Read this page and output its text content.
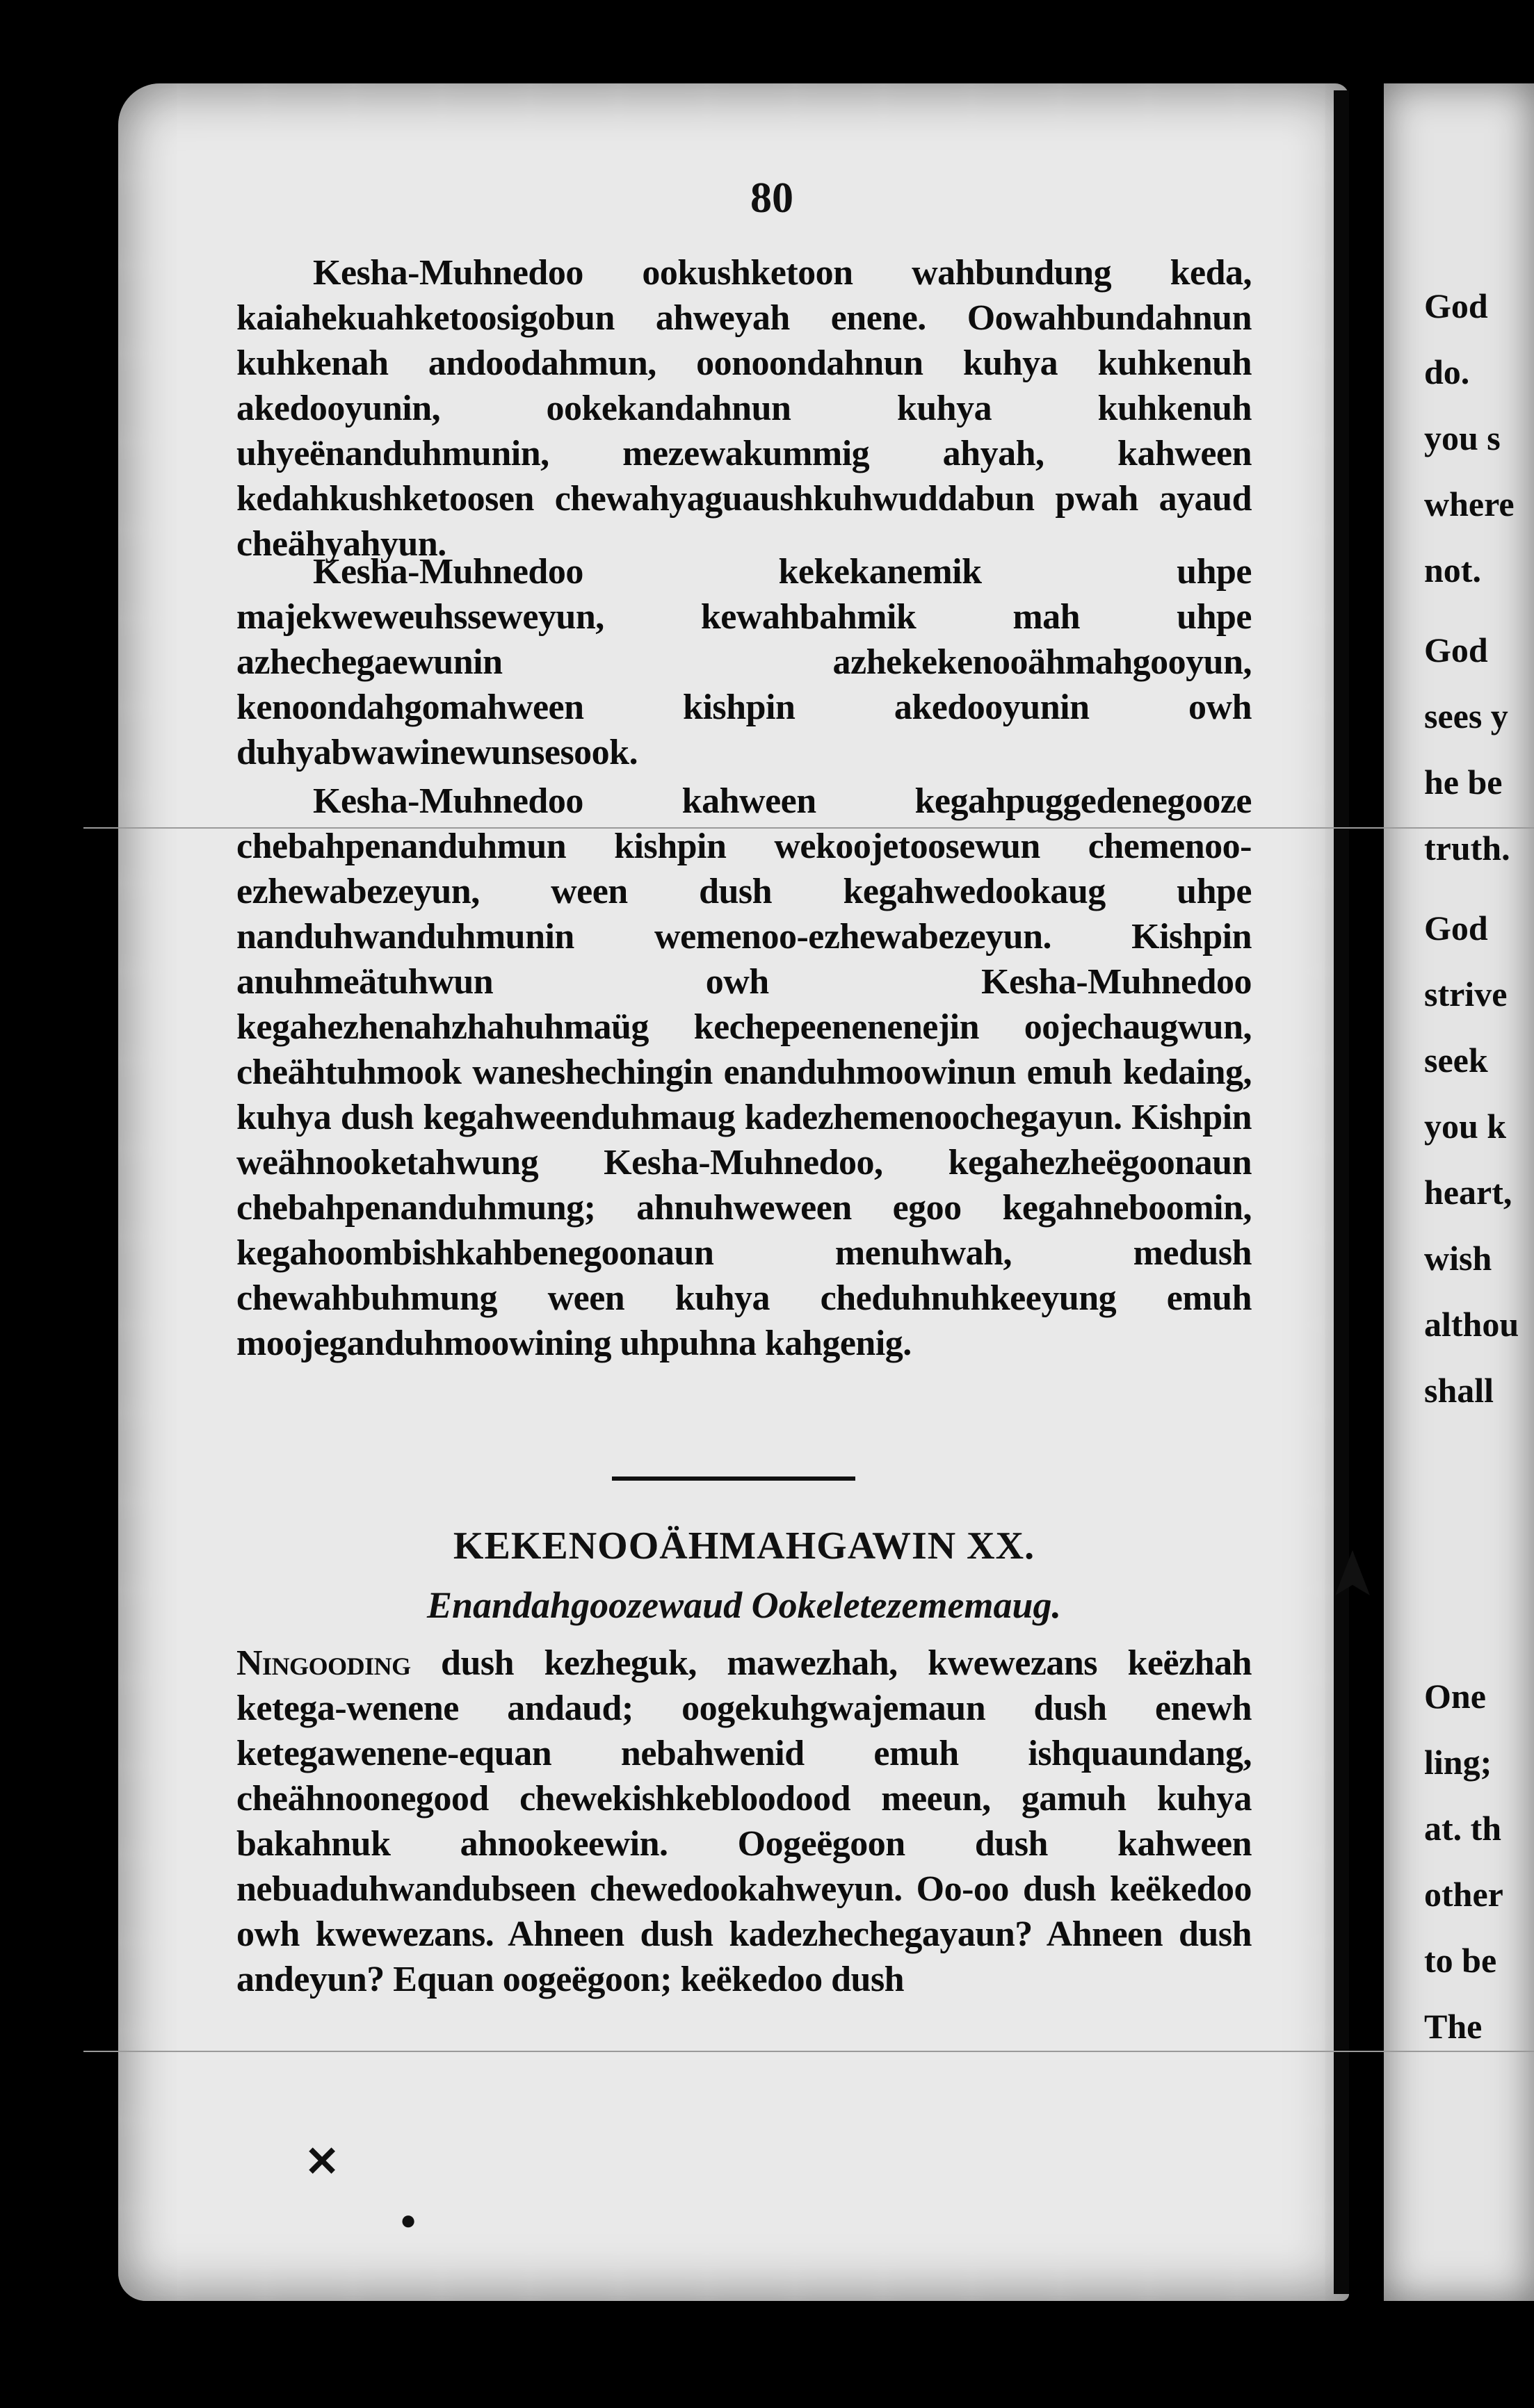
80

Kesha-Muhnedoo ookushketoon wahbundung keda, kaiahekuahketoosigobun ahweyah enene. Oowahbundahnun kuhkenah andoodahmun, oonoondahnun kuhya kuhkenuh akedooyunin, ookekandahnun kuhya kuhkenuh uhyeënanduhmunin, mezewakummig ahyah, kahween kedahkushketoosen chewahyaguaushkuhwuddabun pwah ayaud cheähyahyun.

Kesha-Muhnedoo kekekanemik uhpe majekweweuhsseweyun, kewahbahmik mah uhpe azhechegaewunin azhekekenooähmahgooyun, kenoondahgomahween kishpin akedooyunin owh duhyabwawinewunsesook.

Kesha-Muhnedoo kahween kegahpuggedenegooze chebahpenanduhmun kishpin wekoojetoosewun chemenoo-ezhewabezeyun, ween dush kegahwedookaug uhpe nanduhwanduhmunin wemenoo-ezhewabezeyun. Kishpin anuhmeätuhwun owh Kesha-Muhnedoo kegahezhenahzhahuhmaüg kechepeenenenejin oojechaugwun, cheähtuhmook waneshechingin enanduhmoowinun emuh kedaing, kuhya dush kegahweenduhmaug kadezhemenoochegayun. Kishpin weähnooketahwung Kesha-Muhnedoo, kegahezheëgoonaun chebahpenanduhmung; ahnuhweween egoo kegahneboomin, kegahoombishkahbenegoonaun menuhwah, medush chewahbuhmung ween kuhya cheduhnuhkeeyung emuh moojeganduhmoowining uhpuhna kahgenig.

KEKENOOÄHMAHGAWIN XX.
Enandahgoozewaud Ookeletezememaug.

Ningooding dush kezheguk, mawezhah, kwewezans keëzhah ketega-wenene andaud; oogekuhgwajemaun dush enewh ketegawenene-equan nebahwenid emuh ishquaundang, cheähnoonegood chewekishkebloodood meeun, gamuh kuhya bakahnuk ahnookeewin. Oogeëgoon dush kahween nebuaduhwandubseen chewedookahweyun. Oo-oo dush keëkedoo owh kwewezans. Ahneen dush kadezhechegayaun? Ahneen dush andeyun? Equan oogeëgoon; keëkedoo dush

God
do.
you s
where
not.
God
sees y
he be
truth.
God
strive
seek
you k
heart,
wish
althou
shall
One
ling;
at. th
other
to be
The
✕
●
